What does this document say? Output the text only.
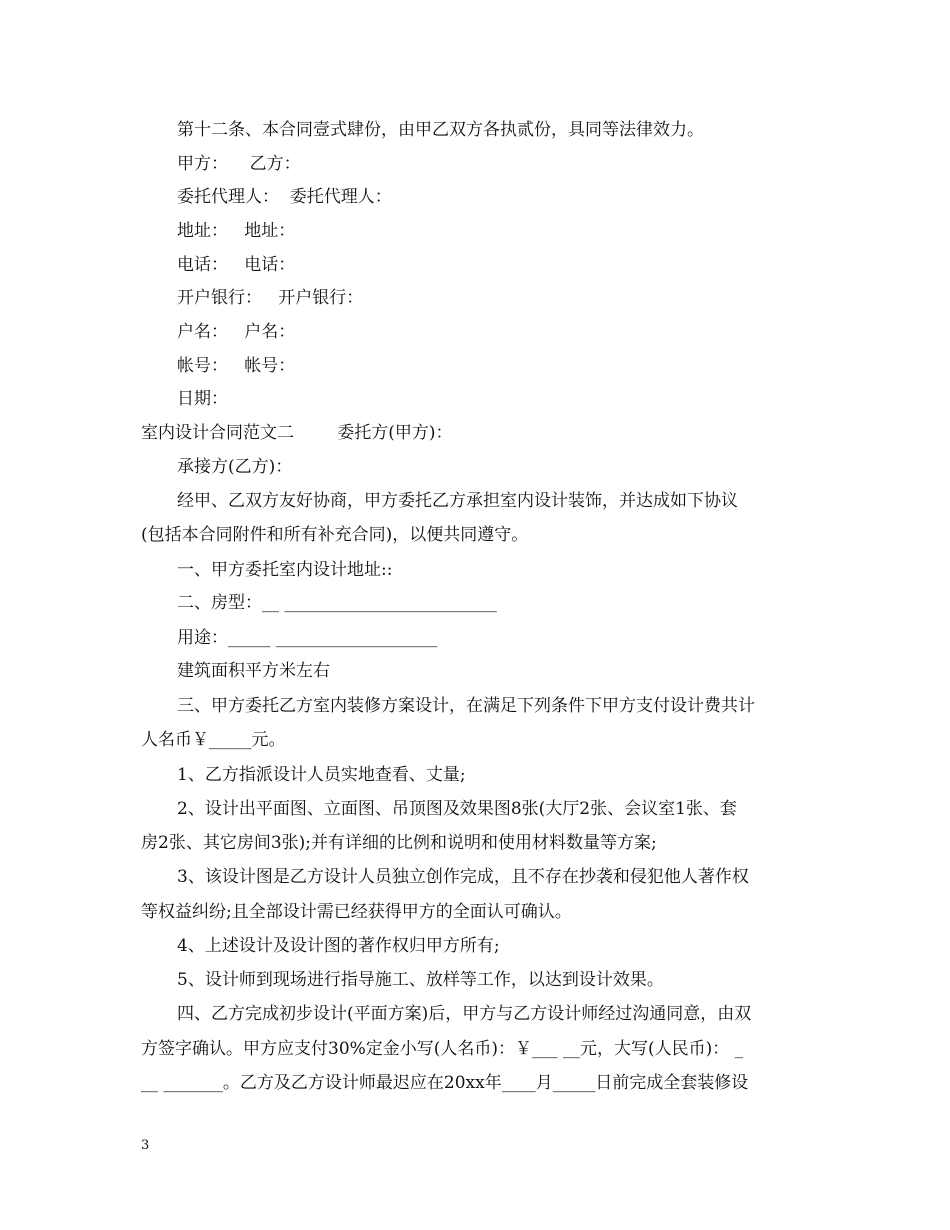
第十二条、本合同壹式肆份，由甲乙双方各执贰份，具同等法律效力。
甲方：    乙方：
委托代理人：  委托代理人：
地址：   地址：
电话：   电话：
开户银行：   开户银行：
户名：   户名：
帐号：   帐号：
日期：
室内设计合同范文二        委托方(甲方)：
承接方(乙方)：
经甲、乙双方友好协商，甲方委托乙方承担室内设计装饰，并达成如下协议
(包括本合同附件和所有补充合同)，以便共同遵守。
一、甲方委托室内设计地址::
二、房型：__ _________________________
用途：_____ ___________________
建筑面积平方米左右
三、甲方委托乙方室内装修方案设计，在满足下列条件下甲方支付设计费共计
人名币￥_____元。
1、乙方指派设计人员实地查看、丈量;
2、设计出平面图、立面图、吊顶图及效果图8张(大厅2张、会议室1张、套
房2张、其它房间3张);并有详细的比例和说明和使用材料数量等方案;
3、该设计图是乙方设计人员独立创作完成，且不存在抄袭和侵犯他人著作权
等权益纠纷;且全部设计需已经获得甲方的全面认可确认。
4、上述设计及设计图的著作权归甲方所有;
5、设计师到现场进行指导施工、放样等工作，以达到设计效果。
四、乙方完成初步设计(平面方案)后，甲方与乙方设计师经过沟通同意，由双
方签字确认。甲方应支付30%定金小写(人名币)：￥___ __元，大写(人民币)： _
__ _______。乙方及乙方设计师最迟应在20xx年____月_____日前完成全套装修设
3
